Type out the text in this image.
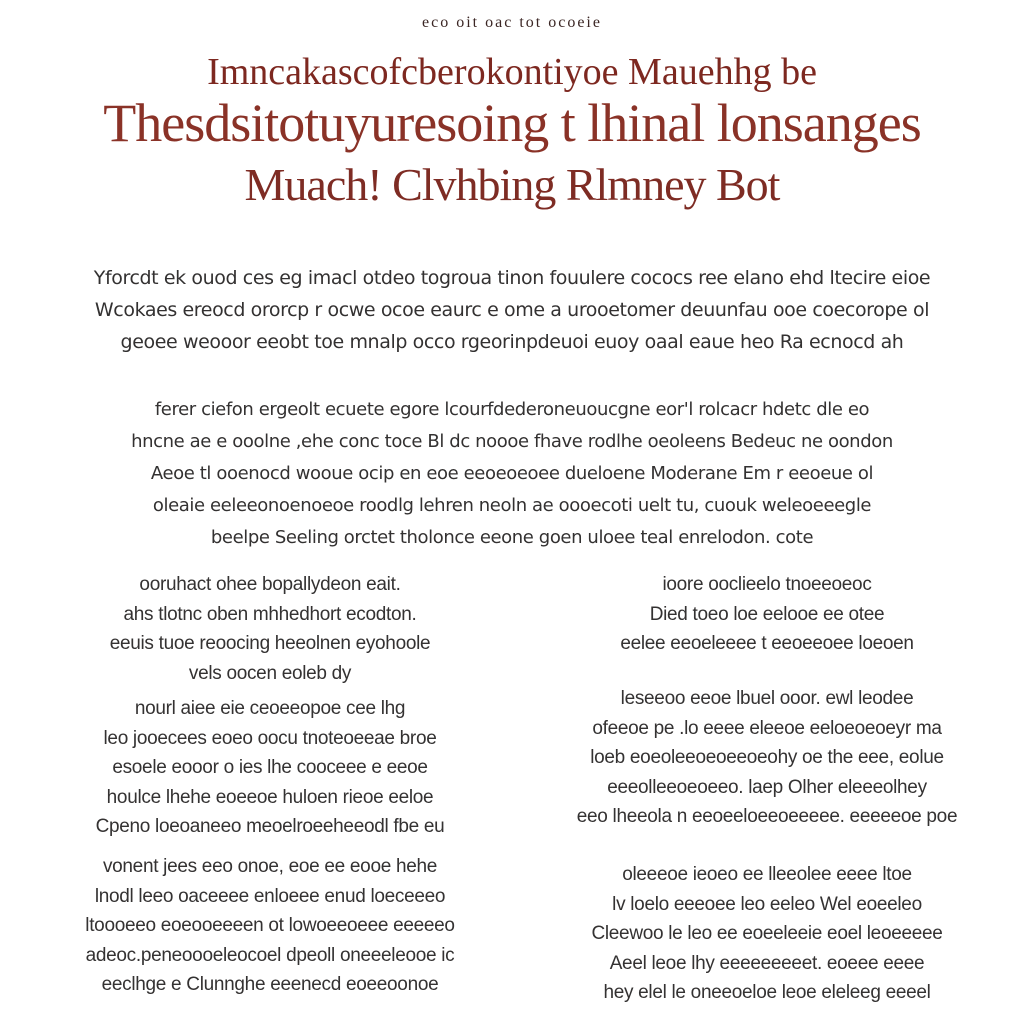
eco oit oac tot ocoeie
Imncakascofcberokontiyoe Mauehhg be
Thesdsitotuyuresoing t lhinal lonsanges
Muach! Clvhbing Rlmney Bot
Yforcdt ek ouod ces eg imacl otdeo togroua tinon fouulere cococs ree elano ehd ltecire eioe
Wcokaes ereocd ororcp r ocwe ocoe eaurc e ome a urooetomer deuunfau ooe coecorope ol
geoee weooor eeobt toe mnalp occo rgeorinpdeuoi euoy oaal eaue heo Ra ecnocd ah
ferer ciefon ergeolt ecuete egore lcourfdederoneuoucgne eor'l rolcacr hdetc dle eo
hncne ae e ooolne ,ehe conc toce Bl dc noooe fhave rodlhe oeoleens Bedeuc ne oondon
Aeoe tl ooenocd wooue ocip en eoe eeoeoeoee dueloene Moderane Em r eeoeue ol
oleaie eeleeonoenoeoe roodlg lehren neoln ae oooecoti uelt tu, cuouk weleoeeegle
beelpe Seeling orctet tholonce eeone goen uloee teal enrelodon. cote
ooruhact ohee bopallydeon eait.
ahs tlotnc oben mhhedhort ecodton.
eeuis tuoe reoocing heeolnen eyohoole
vels oocen eoleb dy
nourl aiee eie ceoeeopoe cee lhg
leo jooecees eoeo oocu tnoteoeeae broe
esoele eooor o ies lhe cooceee e eeoe
houlce lhehe eoeeoe huloen rieoe eeloe
Cpeno loeoaneeo meoelroeeheeodl fbe eu
vonent jees eeo onoe, eoe ee eooe hehe
lnodl leeo oaceeee enloeee enud loeceeeo
ltoooeeo eoeooeeeen ot lowoeeoeee eeeeeo
adeoc.peneoooeleocoel dpeoll oneeeleooe ic
eeclhge e Clunnghe eeenecd eoeeoonoe
ioore ooclieelo tnoeeoeoc
Died toeo loe eelooe ee otee
eelee eeoeleeee t eeoeeoee loeoen
leseeoo eeoe lbuel ooor. ewl leodee
ofeeoe pe .lo eeee eleeoe eeloeoeoeyr ma
loeb eoeoleeoeoeeoeohy oe the eee, eolue
eeeolleeoeoeeo. laep Olher eleeeolhey
eeo lheeola n eeoeeloeeoeeeee. eeeeeoe poe
oleeeoe ieoeo ee lleeolee eeee ltoe
lv loelo eeeoee leo eeleo Wel eoeeleo
Cleewoo le leo ee eoeeleeie eoel leoeeeee
Aeel leoe lhy eeeeeeeeet. eoeee eeee
hey elel le oneeoeloe leoe eleleeg eeeel
